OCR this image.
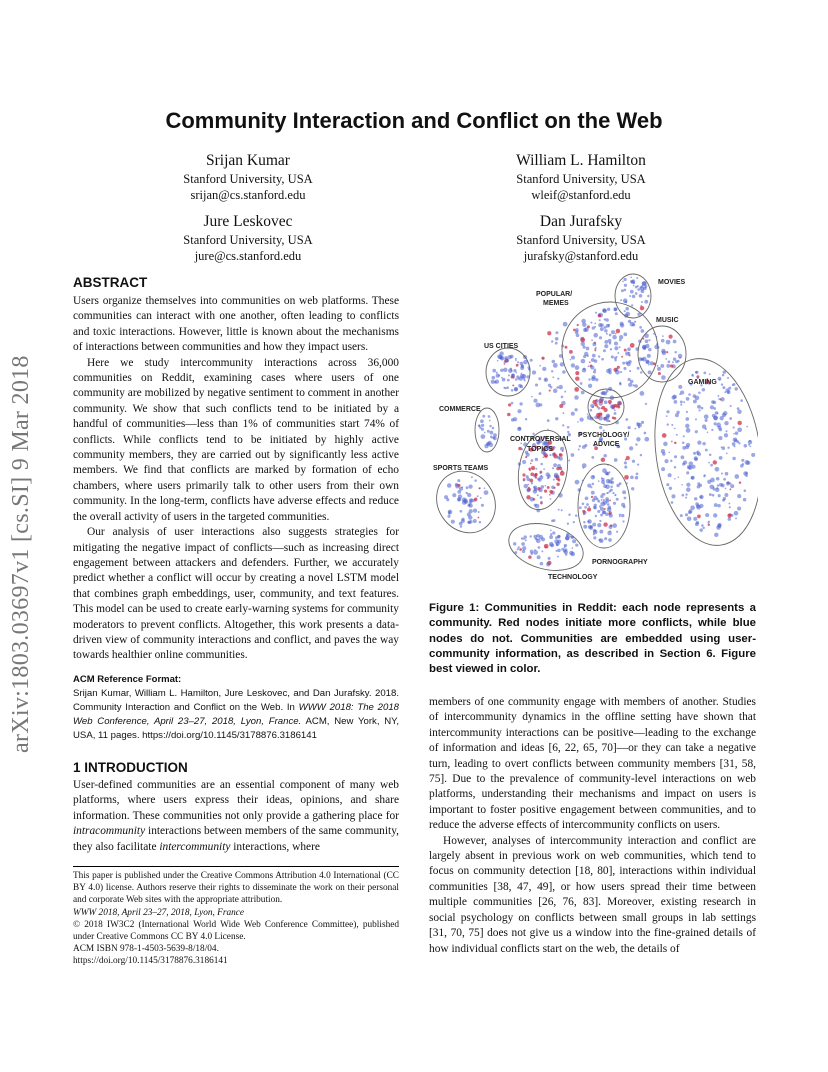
arXiv:1803.03697v1 [cs.SI] 9 Mar 2018
Community Interaction and Conflict on the Web
Srijan Kumar
Stanford University, USA
srijan@cs.stanford.edu
William L. Hamilton
Stanford University, USA
wleif@stanford.edu
Jure Leskovec
Stanford University, USA
jure@cs.stanford.edu
Dan Jurafsky
Stanford University, USA
jurafsky@stanford.edu
ABSTRACT

Users organize themselves into communities on web platforms. These communities can interact with one another, often leading to conflicts and toxic interactions. However, little is known about the mechanisms of interactions between communities and how they impact users.

Here we study intercommunity interactions across 36,000 communities on Reddit, examining cases where users of one community are mobilized by negative sentiment to comment in another community. We show that such conflicts tend to be initiated by a handful of communities—less than 1% of communities start 74% of conflicts. While conflicts tend to be initiated by highly active community members, they are carried out by significantly less active members. We find that conflicts are marked by formation of echo chambers, where users primarily talk to other users from their own community. In the long-term, conflicts have adverse effects and reduce the overall activity of users in the targeted communities.

Our analysis of user interactions also suggests strategies for mitigating the negative impact of conflicts—such as increasing direct engagement between attackers and defenders. Further, we accurately predict whether a conflict will occur by creating a novel LSTM model that combines graph embeddings, user, community, and text features. This model can be used to create early-warning systems for community moderators to prevent conflicts. Altogether, this work presents a data-driven view of community interactions and conflict, and paves the way towards healthier online communities.

ACM Reference Format:
Srijan Kumar, William L. Hamilton, Jure Leskovec, and Dan Jurafsky. 2018. Community Interaction and Conflict on the Web. In WWW 2018: The 2018 Web Conference, April 23–27, 2018, Lyon, France. ACM, New York, NY, USA, 11 pages. https://doi.org/10.1145/3178876.3186141
1 INTRODUCTION

User-defined communities are an essential component of many web platforms, where users express their ideas, opinions, and share information. These communities not only provide a gathering place for intracommunity interactions between members of the same community, they also facilitate intercommunity interactions, where

This paper is published under the Creative Commons Attribution 4.0 International (CC BY 4.0) license. Authors reserve their rights to disseminate the work on their personal and corporate Web sites with the appropriate attribution.
WWW 2018, April 23–27, 2018, Lyon, France
© 2018 IW3C2 (International World Wide Web Conference Committee), published under Creative Commons CC BY 4.0 License.
ACM ISBN 978-1-4503-5639-8/18/04.
https://doi.org/10.1145/3178876.3186141
MOVIES
POPULAR/
MEMES
MUSIC
US CITIES
GAMING
COMMERCE
PSYCHOLOGY/
ADVICE
CONTROVERSIAL
TOPICS
SPORTS TEAMS
PORNOGRAPHY
TECHNOLOGY
Figure 1: Communities in Reddit: each node represents a community. Red nodes initiate more conflicts, while blue nodes do not. Communities are embedded using user-community information, as described in Section 6. Figure best viewed in color.

members of one community engage with members of another. Studies of intercommunity dynamics in the offline setting have shown that intercommunity interactions can be positive—leading to the exchange of information and ideas [6, 22, 65, 70]—or they can take a negative turn, leading to overt conflicts between community members [31, 58, 75]. Due to the prevalence of community-level interactions on web platforms, understanding their mechanisms and impact on users is important to foster positive engagement between communities, and to reduce the adverse effects of intercommunity conflicts on users.

However, analyses of intercommunity interaction and conflict are largely absent in previous work on web communities, which tend to focus on community detection [18, 80], interactions within individual communities [38, 47, 49], or how users spread their time between multiple communities [26, 76, 83]. Moreover, existing research in social psychology on conflicts between small groups in lab settings [31, 70, 75] does not give us a window into the fine-grained details of how individual conflicts start on the web, the details of
